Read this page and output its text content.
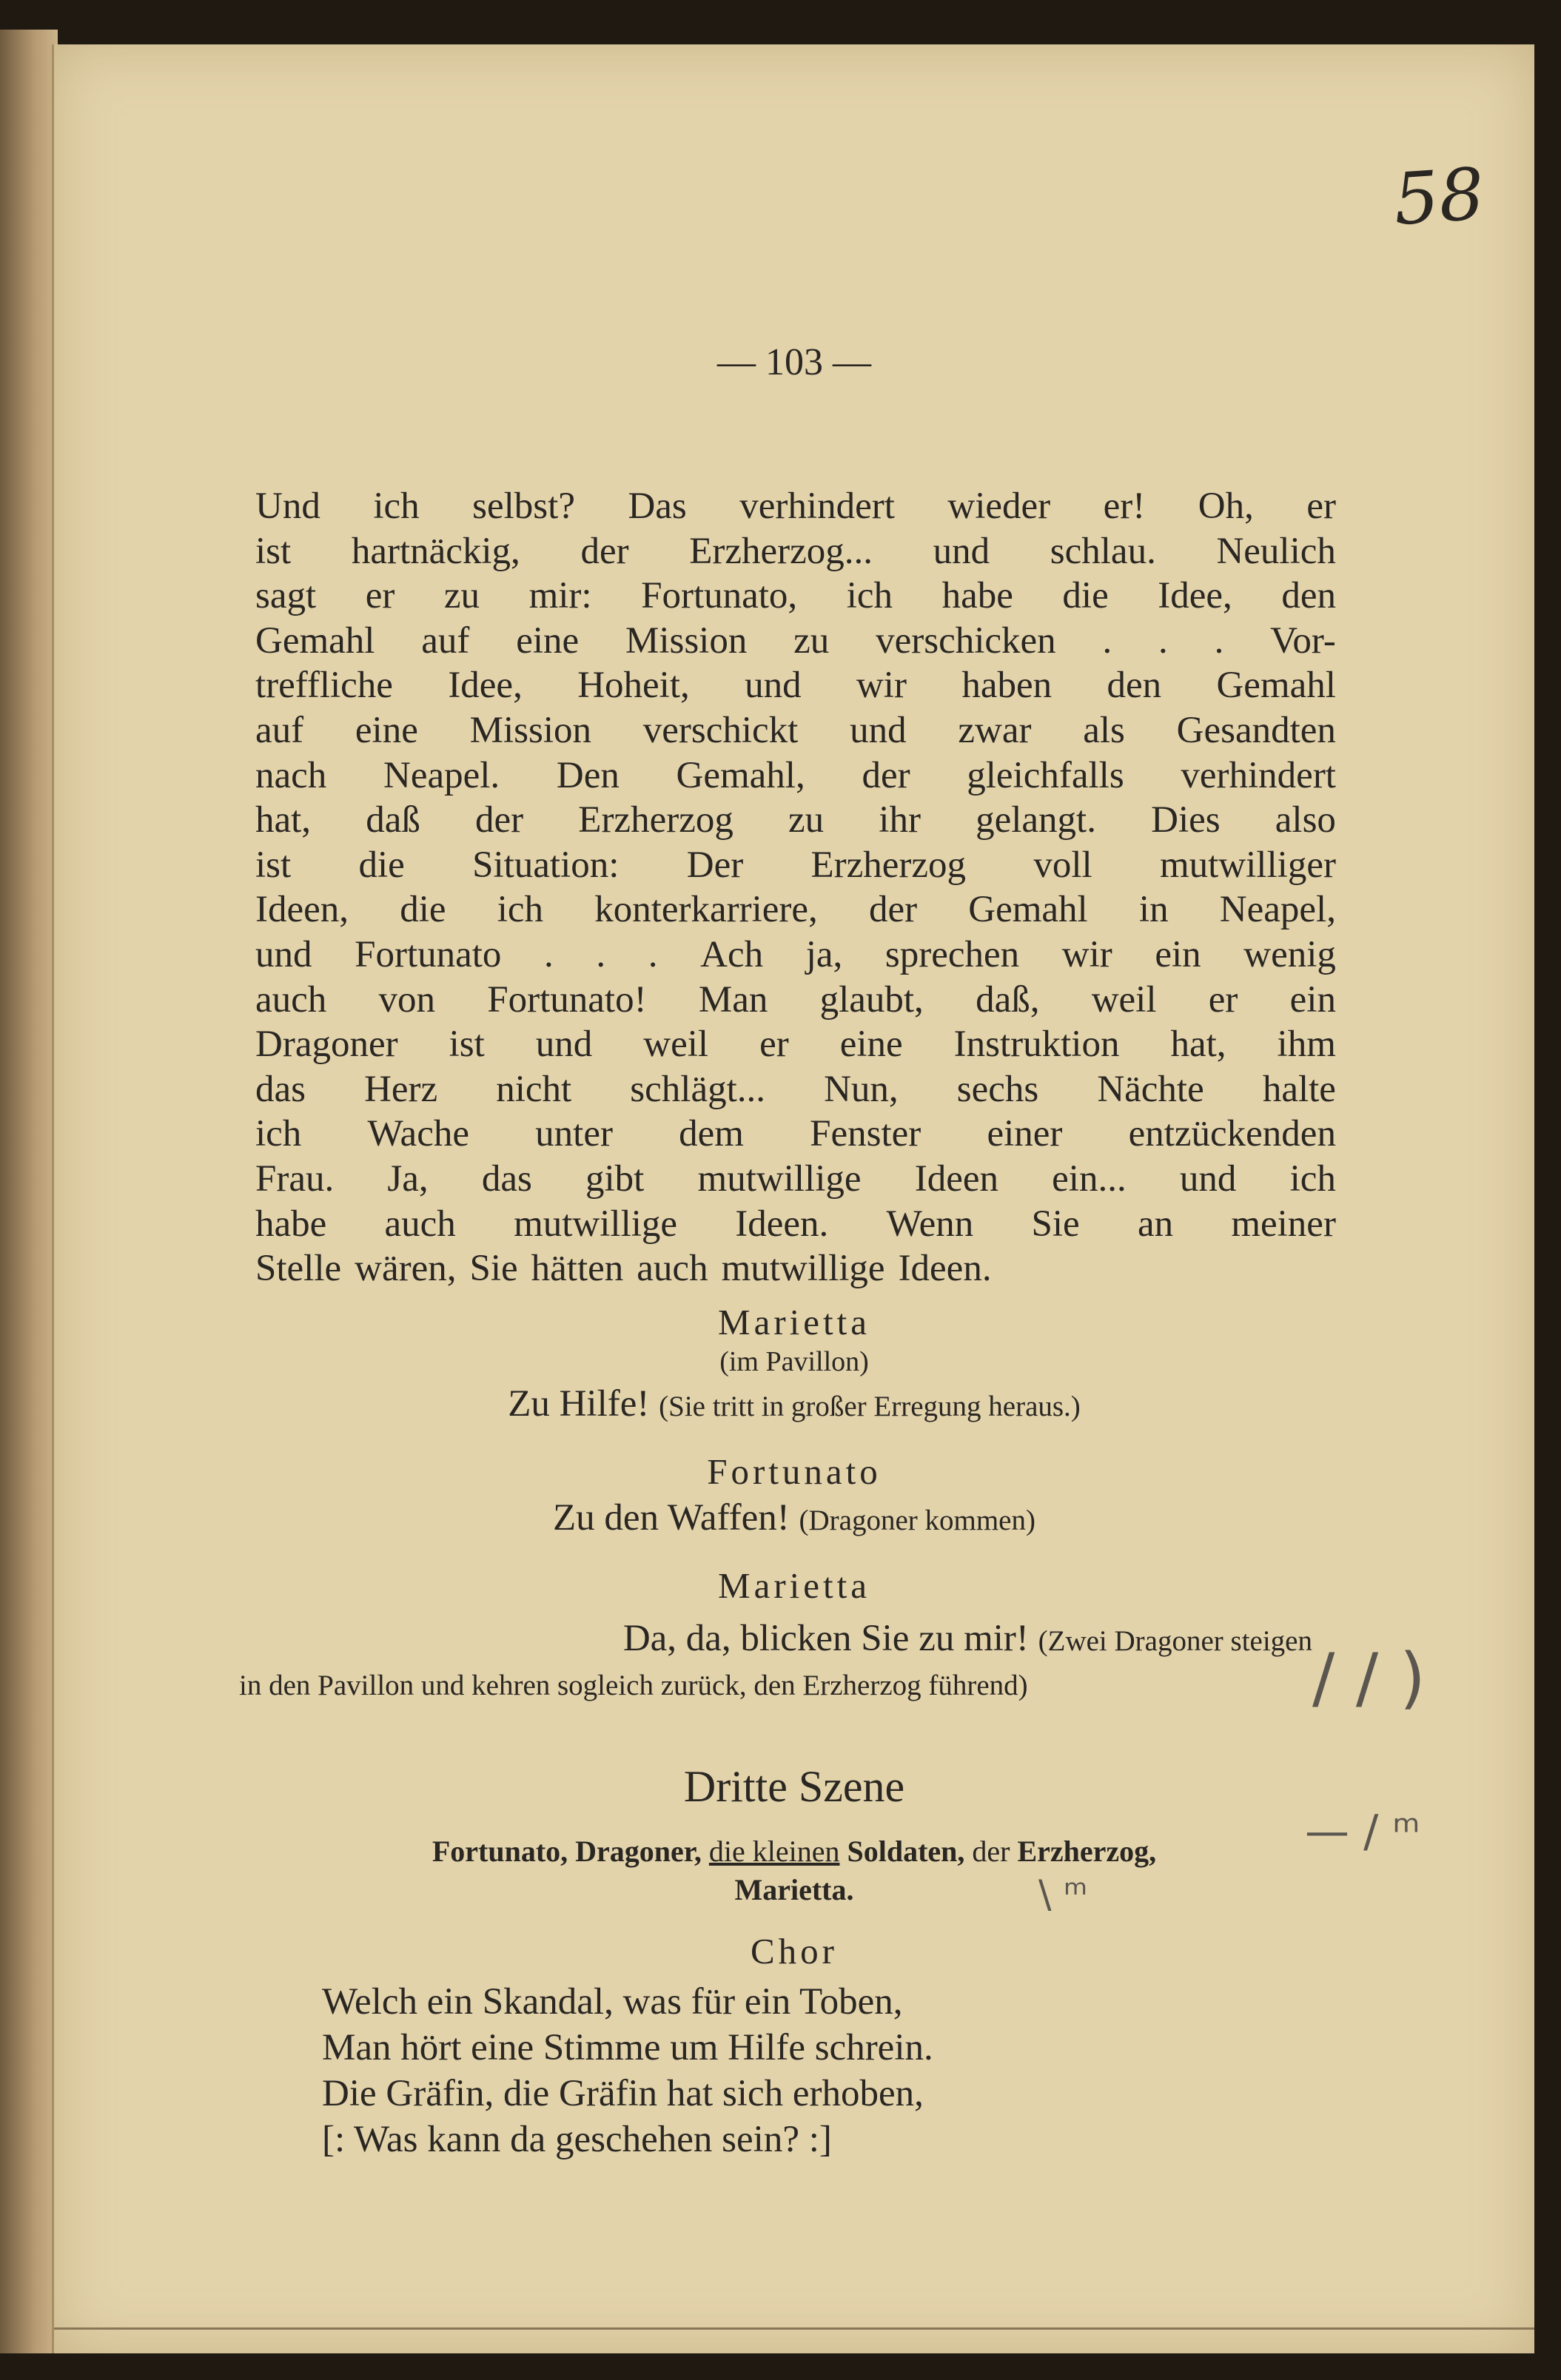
58
— 103 —
Und ich selbst? Das verhindert wieder er! Oh, er
ist hartnäckig, der Erzherzog... und schlau. Neulich
sagt er zu mir: Fortunato, ich habe die Idee, den
Gemahl auf eine Mission zu verschicken . . . Vor-
treffliche Idee, Hoheit, und wir haben den Gemahl
auf eine Mission verschickt und zwar als Gesandten
nach Neapel. Den Gemahl, der gleichfalls verhindert
hat, daß der Erzherzog zu ihr gelangt. Dies also
ist die Situation: Der Erzherzog voll mutwilliger
Ideen, die ich konterkarriere, der Gemahl in Neapel,
und Fortunato . . . Ach ja, sprechen wir ein wenig
auch von Fortunato! Man glaubt, daß, weil er ein
Dragoner ist und weil er eine Instruktion hat, ihm
das Herz nicht schlägt... Nun, sechs Nächte halte
ich Wache unter dem Fenster einer entzückenden
Frau. Ja, das gibt mutwillige Ideen ein... und ich
habe auch mutwillige Ideen. Wenn Sie an meiner
Stelle wären, Sie hätten auch mutwillige Ideen.
Marietta
(im Pavillon)
Zu Hilfe! (Sie tritt in großer Erregung heraus.)
Fortunato
Zu den Waffen! (Dragoner kommen)
Marietta
Da, da, blicken Sie zu mir! (Zwei Dragoner steigen
in den Pavillon und kehren sogleich zurück, den Erzherzog führend)
Dritte Szene
Fortunato, Dragoner, die kleinen Soldaten, der Erzherzog,
Marietta.
Chor
Welch ein Skandal, was für ein Toben,
Man hört eine Stimme um Hilfe schrein.
Die Gräfin, die Gräfin hat sich erhoben,
[: Was kann da geschehen sein? :]
/ / )
— / ᵐ
\ ᵐ
